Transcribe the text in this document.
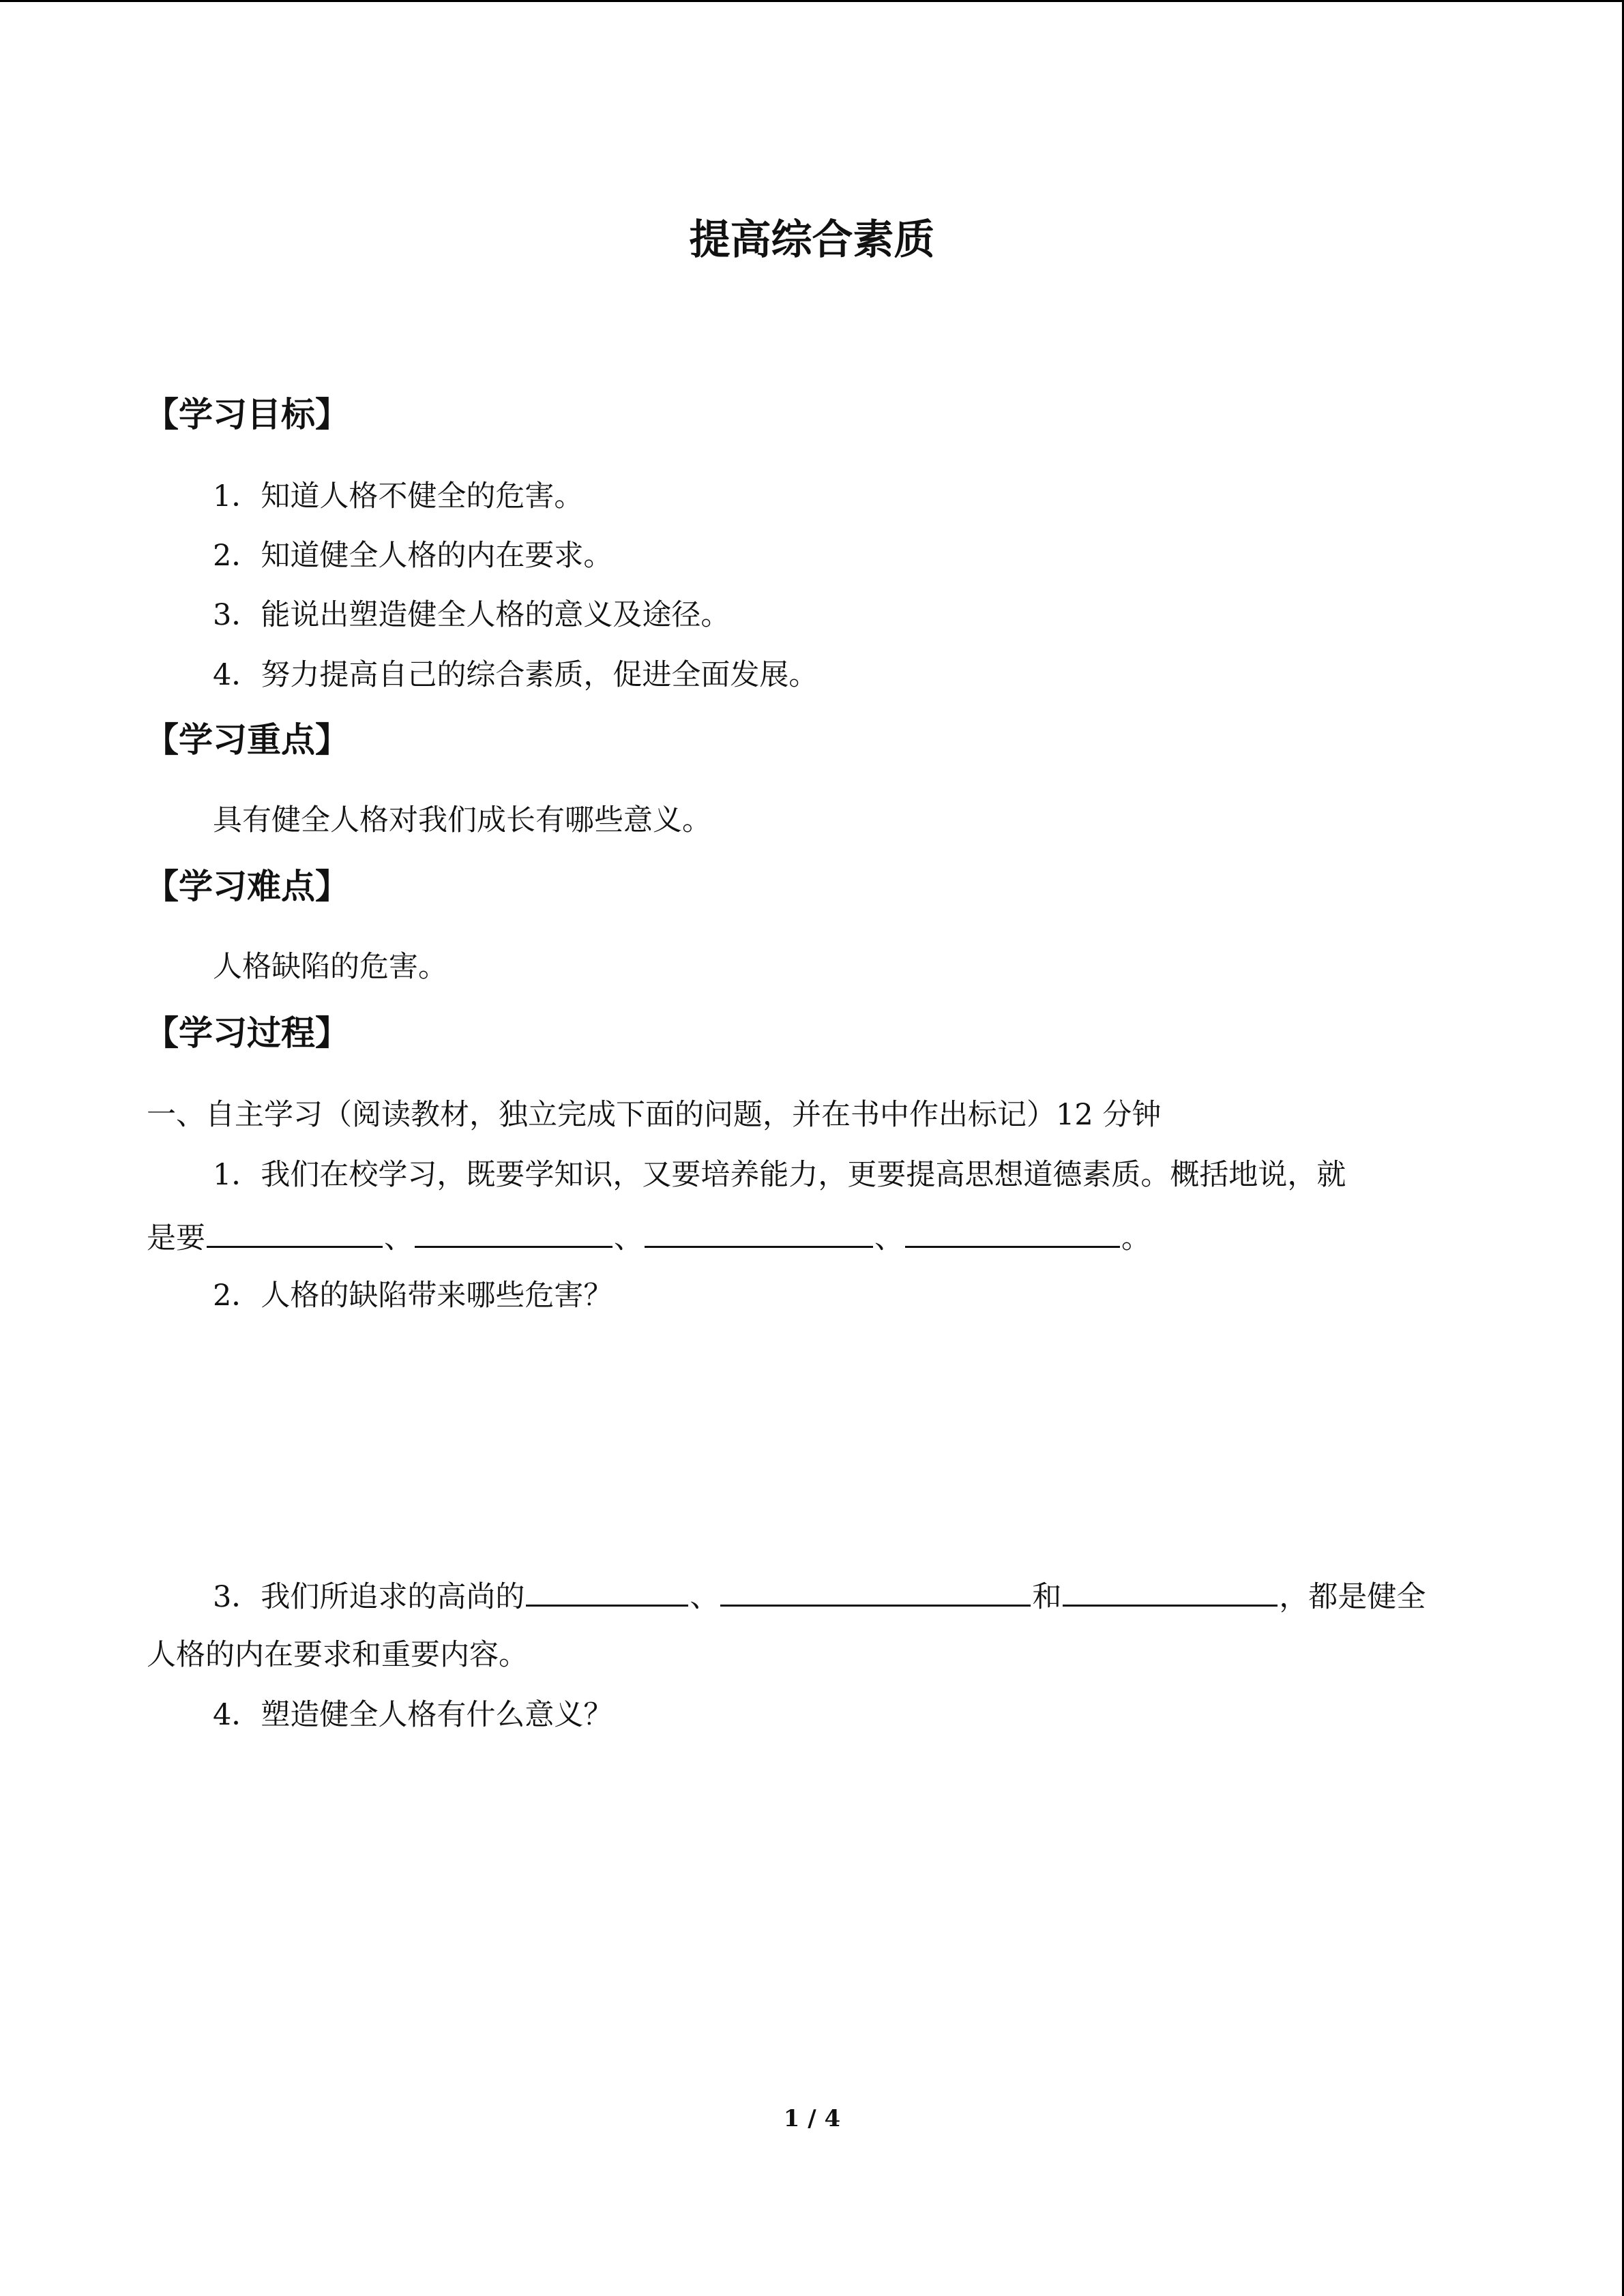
提高综合素质
【学习目标】
1．知道人格不健全的危害。
2．知道健全人格的内在要求。
3．能说出塑造健全人格的意义及途径。
4．努力提高自己的综合素质，促进全面发展。
【学习重点】
具有健全人格对我们成长有哪些意义。
【学习难点】
人格缺陷的危害。
【学习过程】
一、自主学习（阅读教材，独立完成下面的问题，并在书中作出标记）12 分钟
1．我们在校学习，既要学知识，又要培养能力，更要提高思想道德素质。概括地说，就
是要	、	、	、	。
2．人格的缺陷带来哪些危害？
3．我们所追求的高尚的	、	和	，都是健全
人格的内在要求和重要内容。
4．塑造健全人格有什么意义？
1 / 4
